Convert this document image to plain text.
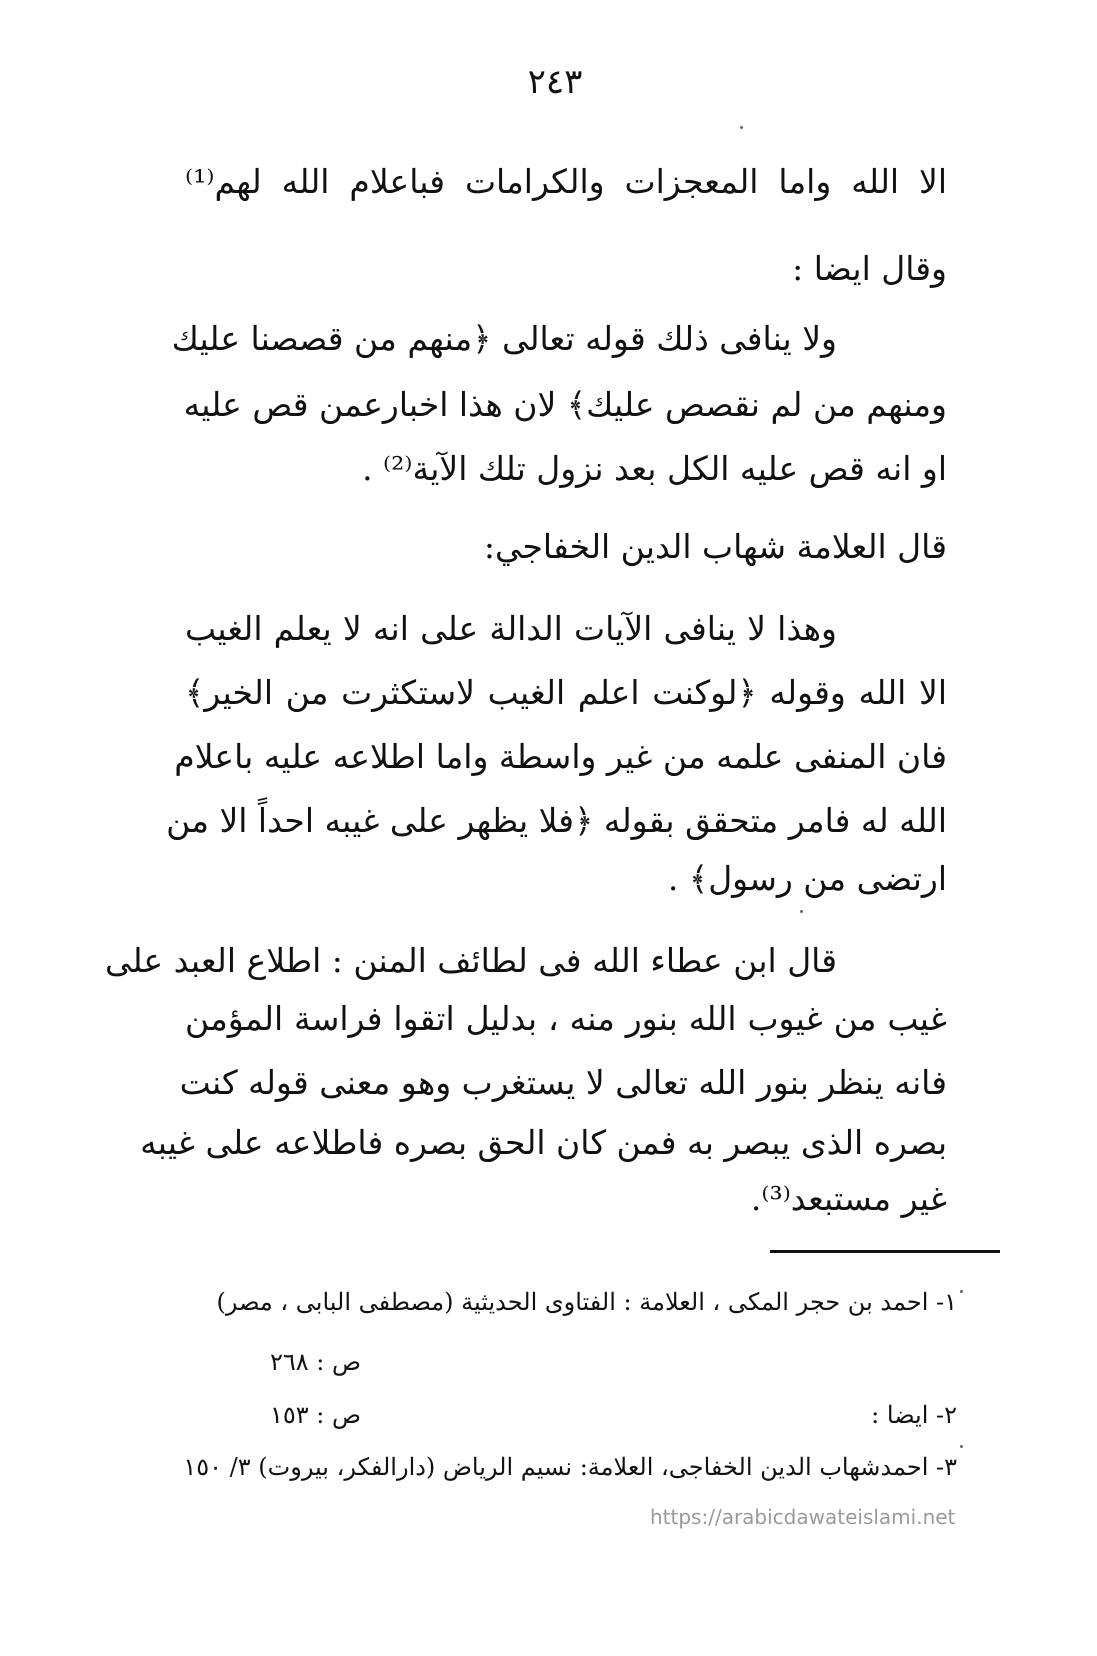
٢٤٣
الا الله واما المعجزات والكرامات فباعلام الله لهم⁽¹⁾
وقال ايضا :
ولا ينافى ذلك قوله تعالى ﴿منهم من قصصنا عليك
ومنهم من لم نقصص عليك﴾ لان هذا اخبارعمن قص عليه
او انه قص عليه الكل بعد نزول تلك الآية⁽²⁾ .
قال العلامة شهاب الدين الخفاجي:
وهذا لا ينافى الآيات الدالة على انه لا يعلم الغيب
الا الله وقوله ﴿لوكنت اعلم الغيب لاستكثرت من الخير﴾
فان المنفى علمه من غير واسطة واما اطلاعه عليه باعلام
الله له فامر متحقق بقوله ﴿فلا يظهر على غيبه احداً الا من
ارتضى من رسول﴾ .
قال ابن عطاء الله فى لطائف المنن : اطلاع العبد على
غيب من غيوب الله بنور منه ، بدليل اتقوا فراسة المؤمن
فانه ينظر بنور الله تعالى لا يستغرب وهو معنى قوله كنت
بصره الذى يبصر به فمن كان الحق بصره فاطلاعه على غيبه
غير مستبعد⁽³⁾.
١- احمد بن حجر المكى ، العلامة : الفتاوى الحديثية (مصطفى البابى ، مصر)
ص : ٢٦٨
٢- ايضا :
ص : ١٥٣
٣- احمدشهاب الدين الخفاجى، العلامة: نسيم الرياض (دارالفكر، بيروت) ٣/ ١٥٠
https://arabicdawateislami.net
